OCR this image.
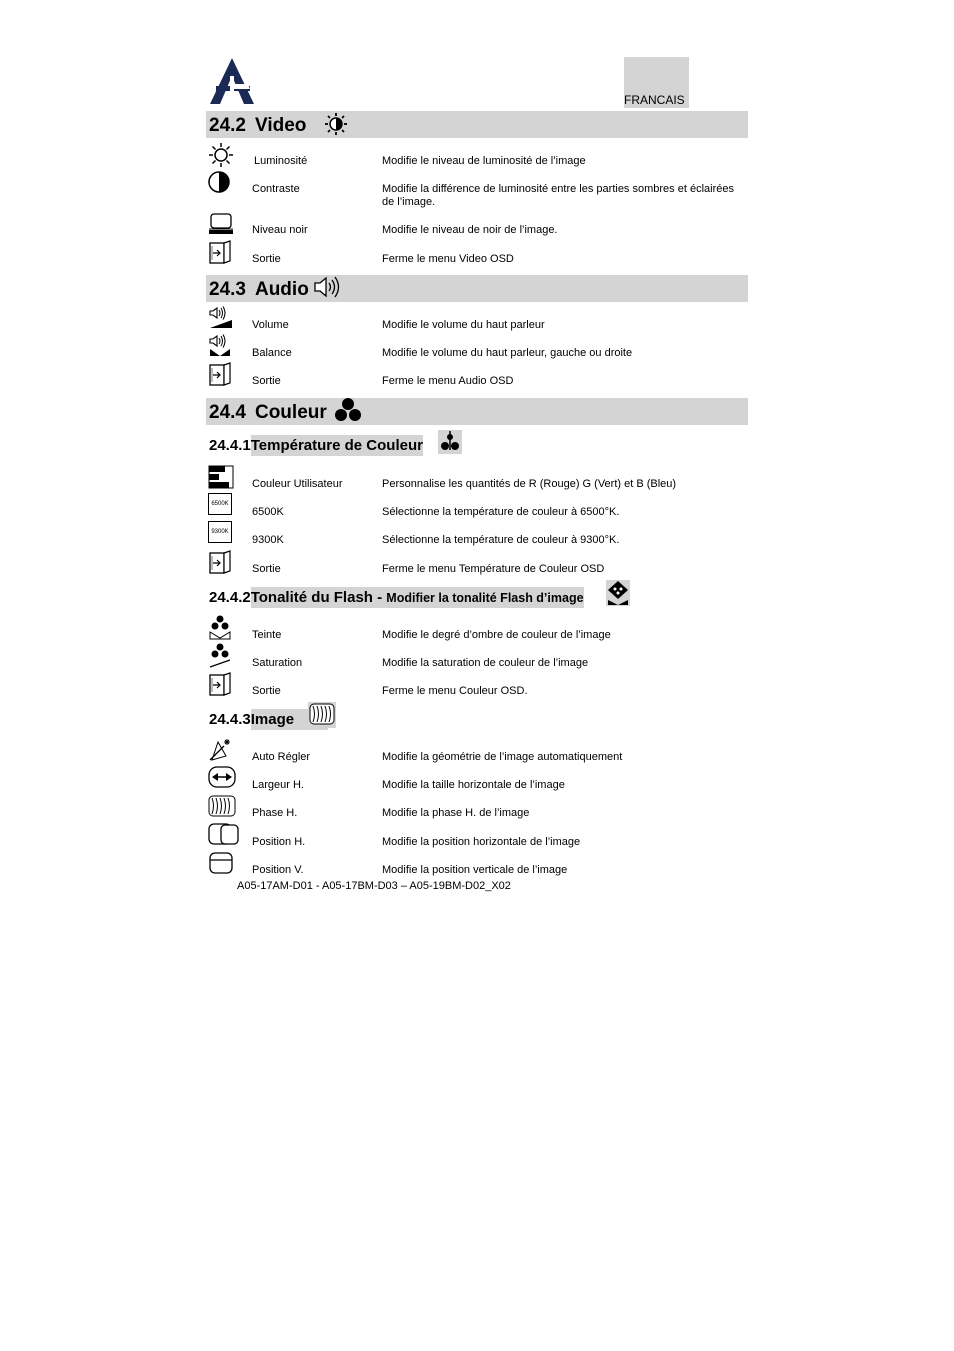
FRANCAIS
24.2 Video
Luminosité	Modifie le niveau de luminosité de l’image
Contraste	Modifie la différence de luminosité entre les parties sombres et éclairées de l’image.
Niveau noir	Modifie le niveau de noir de l’image.
Sortie	Ferme le menu Video OSD
24.3 Audio
Volume	Modifie le volume du haut parleur
Balance	Modifie le volume du haut parleur, gauche ou droite
Sortie	Ferme le menu Audio OSD
24.4 Couleur
24.4.1Température de Couleur
Couleur Utilisateur	Personnalise les quantités de R (Rouge) G (Vert) et B (Bleu)
6500K
6500K	Sélectionne la température de couleur à 6500°K.
9300K
9300K	Sélectionne la température de couleur à 9300°K.
Sortie	Ferme le menu Température de Couleur OSD
24.4.2Tonalité du Flash - Modifier la tonalité Flash d’image
Teinte	Modifie le degré d’ombre de couleur de l’image
Saturation	Modifie la saturation de couleur de l’image
Sortie	Ferme le menu Couleur OSD.
24.4.3Image
Auto Régler	Modifie la géométrie de l’image automatiquement
Largeur H.	Modifie la taille horizontale de l’image
Phase H.	Modifie la phase H. de l’image
Position H.	Modifie la position horizontale de l’image
Position V.	Modifie la position verticale de l’image
A05-17AM-D01 - A05-17BM-D03 – A05-19BM-D02_X02
